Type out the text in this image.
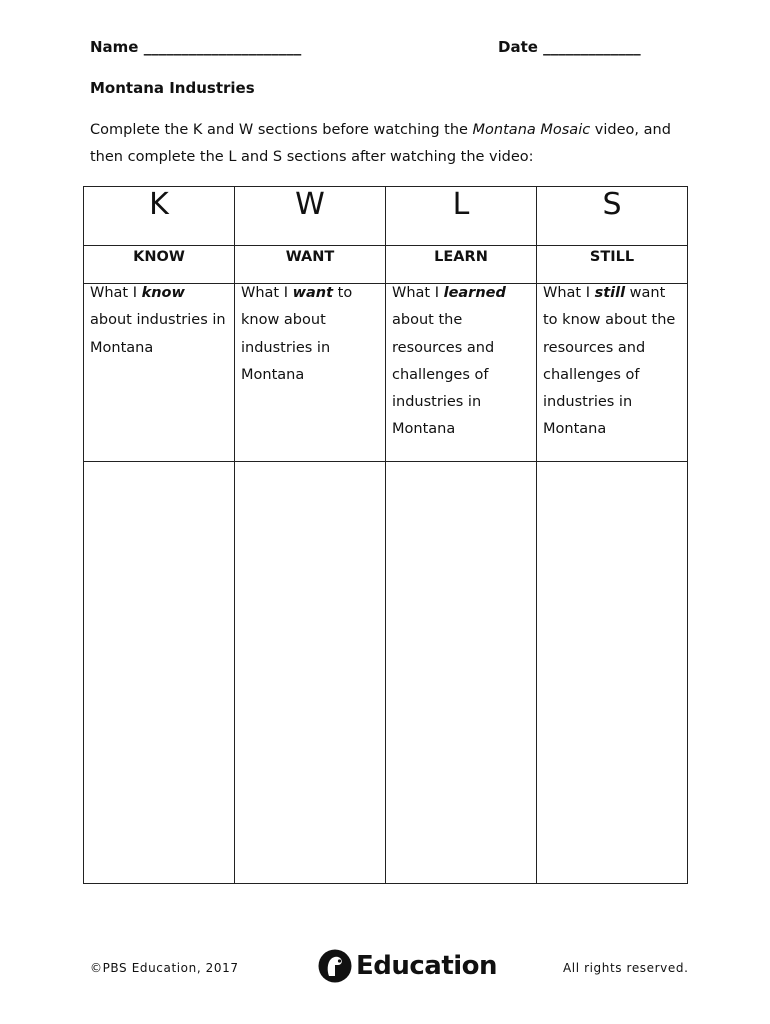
Name _____________________	Date _____________
Montana Industries
Complete the K and W sections before watching the Montana Mosaic video, and then complete the L and S sections after watching the video:
K	W	L	S
KNOW	WANT	LEARN	STILL

What I know about industries in Montana	What I want to know about industries in Montana	What I learned about the resources and challenges of industries in Montana	What I still want to know about the resources and challenges of industries in Montana

©PBS Education, 2017	Education	All rights reserved.
